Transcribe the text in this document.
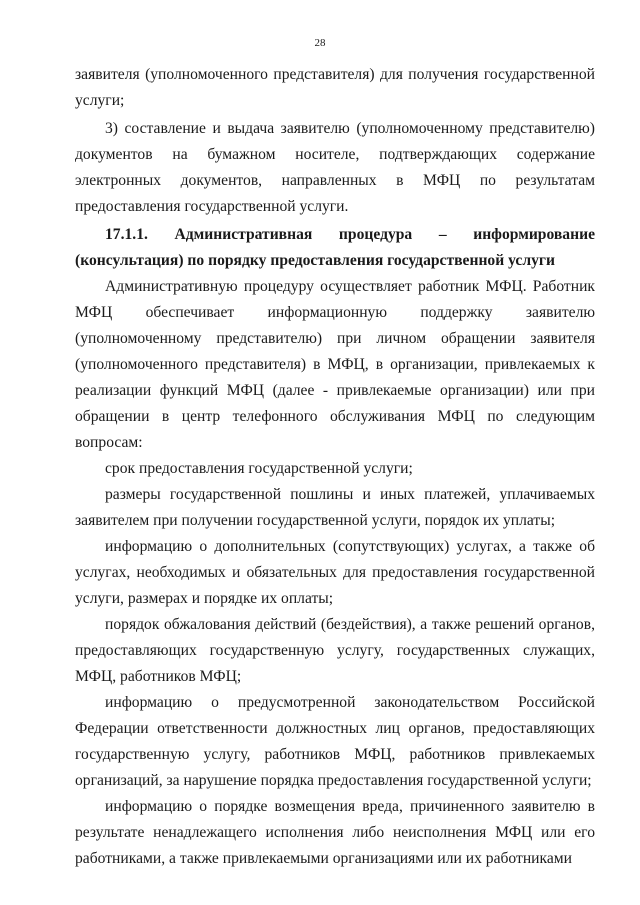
28

заявителя (уполномоченного представителя) для получения государственной услуги;

3) составление и выдача заявителю (уполномоченному представителю) документов на бумажном носителе, подтверждающих содержание электронных документов, направленных в МФЦ по результатам предоставления государственной услуги.

17.1.1. Административная процедура – информирование (консультация) по порядку предоставления государственной услуги

Административную процедуру осуществляет работник МФЦ. Работник МФЦ обеспечивает информационную поддержку заявителю (уполномоченному представителю) при личном обращении заявителя (уполномоченного представителя) в МФЦ, в организации, привлекаемых к реализации функций МФЦ (далее - привлекаемые организации) или при обращении в центр телефонного обслуживания МФЦ по следующим вопросам:

срок предоставления государственной услуги;

размеры государственной пошлины и иных платежей, уплачиваемых заявителем при получении государственной услуги, порядок их уплаты;

информацию о дополнительных (сопутствующих) услугах, а также об услугах, необходимых и обязательных для предоставления государственной услуги, размерах и порядке их оплаты;

порядок обжалования действий (бездействия), а также решений органов, предоставляющих государственную услугу, государственных служащих, МФЦ, работников МФЦ;

информацию о предусмотренной законодательством Российской Федерации ответственности должностных лиц органов, предоставляющих государственную услугу, работников МФЦ, работников привлекаемых организаций, за нарушение порядка предоставления государственной услуги;

информацию о порядке возмещения вреда, причиненного заявителю в результате ненадлежащего исполнения либо неисполнения МФЦ или его работниками, а также привлекаемыми организациями или их работниками
